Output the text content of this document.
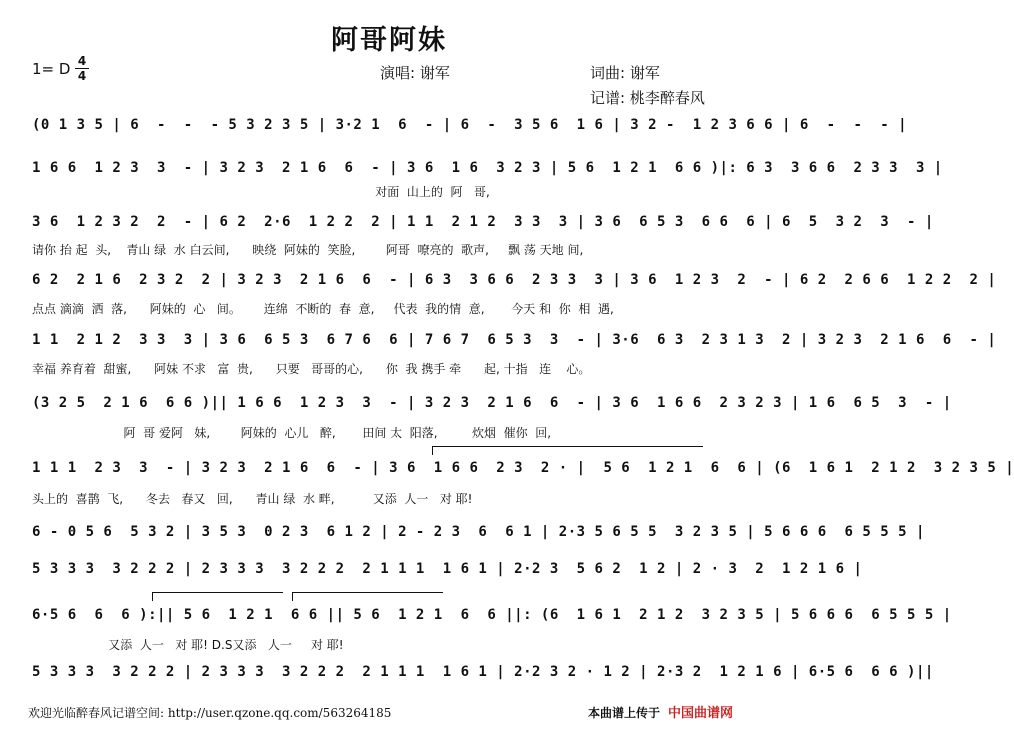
阿哥阿妹
1= D 4
4	演唱: 谢军	词曲: 谢军
记谱: 桃李醉春风
(0 1 3 5 | 6  -  -  - 5 3 2 3 5 | 3·2 1  6  - | 6  -  3 5 6  1 6 | 3 2 -  1 2 3 6 6 | 6  -  -  - |
1 6 6  1 2 3  3  - | 3 2 3  2 1 6  6  - | 3 6  1 6  3 2 3 | 5 6  1 2 1  6 6 )|: 6 3  3 6 6  2 3 3  3 |
对面  山上的  阿   哥,
3 6  1 2 3 2  2  - | 6 2  2·6  1 2 2  2 | 1 1  2 1 2  3 3  3 | 3 6  6 5 3  6 6  6 | 6  5  3 2  3  - |
请你 抬 起  头,    青山 绿  水 白云间,      映绕  阿妹的  笑脸,        阿哥  嘹亮的  歌声,     飘 荡 天地 间,
6 2  2 1 6  2 3 2  2 | 3 2 3  2 1 6  6  - | 6 3  3 6 6  2 3 3  3 | 3 6  1 2 3  2  - | 6 2  2 6 6  1 2 2  2 |
点点 滴滴  洒  落,      阿妹的  心   间。      连绵  不断的  春  意,     代表  我的情  意,       今天 和  你  相  遇,
1 1  2 1 2  3 3  3 | 3 6  6 5 3  6 7 6  6 | 7 6 7  6 5 3  3  - | 3·6  6 3  2 3 1 3  2 | 3 2 3  2 1 6  6  - |
幸福 养育着  甜蜜,      阿妹 不求   富  贵,      只要   哥哥的心,      你  我 携手 牵      起, 十指   连    心。
(3 2 5  2 1 6  6 6 )|| 1 6 6  1 2 3  3  - | 3 2 3  2 1 6  6  - | 3 6  1 6 6  2 3 2 3 | 1 6  6 5  3  - |
阿  哥 爱阿   妹,        阿妹的  心儿   醉,       田间 太  阳落,         炊烟  催你  回,
1 1 1  2 3  3  - | 3 2 3  2 1 6  6  - | 3 6  1 6 6  2 3  2 · |  5 6  1 2 1  6  6 | (6  1 6 1  2 1 2  3 2 3 5 |
头上的  喜鹊  飞,      冬去   春又   回,      青山 绿  水 畔,          又添  人一   对 耶!
6 - 0 5 6  5 3 2 | 3 5 3  0 2 3  6 1 2 | 2 - 2 3  6  6 1 | 2·3 5 6 5 5  3 2 3 5 | 5 6 6 6  6 5 5 5 |
5 3 3 3  3 2 2 2 | 2 3 3 3  3 2 2 2  2 1 1 1  1 6 1 | 2·2 3  5 6 2  1 2 | 2 · 3  2  1 2 1 6 |
6·5 6  6  6 ):|| 5 6  1 2 1  6 6 || 5 6  1 2 1  6  6 ||: (6  1 6 1  2 1 2  3 2 3 5 | 5 6 6 6  6 5 5 5 |
又添  人一   对 耶! D.S又添   人一     对 耶!
5 3 3 3  3 2 2 2 | 2 3 3 3  3 2 2 2  2 1 1 1  1 6 1 | 2·2 3 2 · 1 2 | 2·3 2  1 2 1 6 | 6·5 6  6 6 )||
欢迎光临醉春风记谱空间: http://user.qzone.qq.com/563264185	本曲谱上传于 中国曲谱网
